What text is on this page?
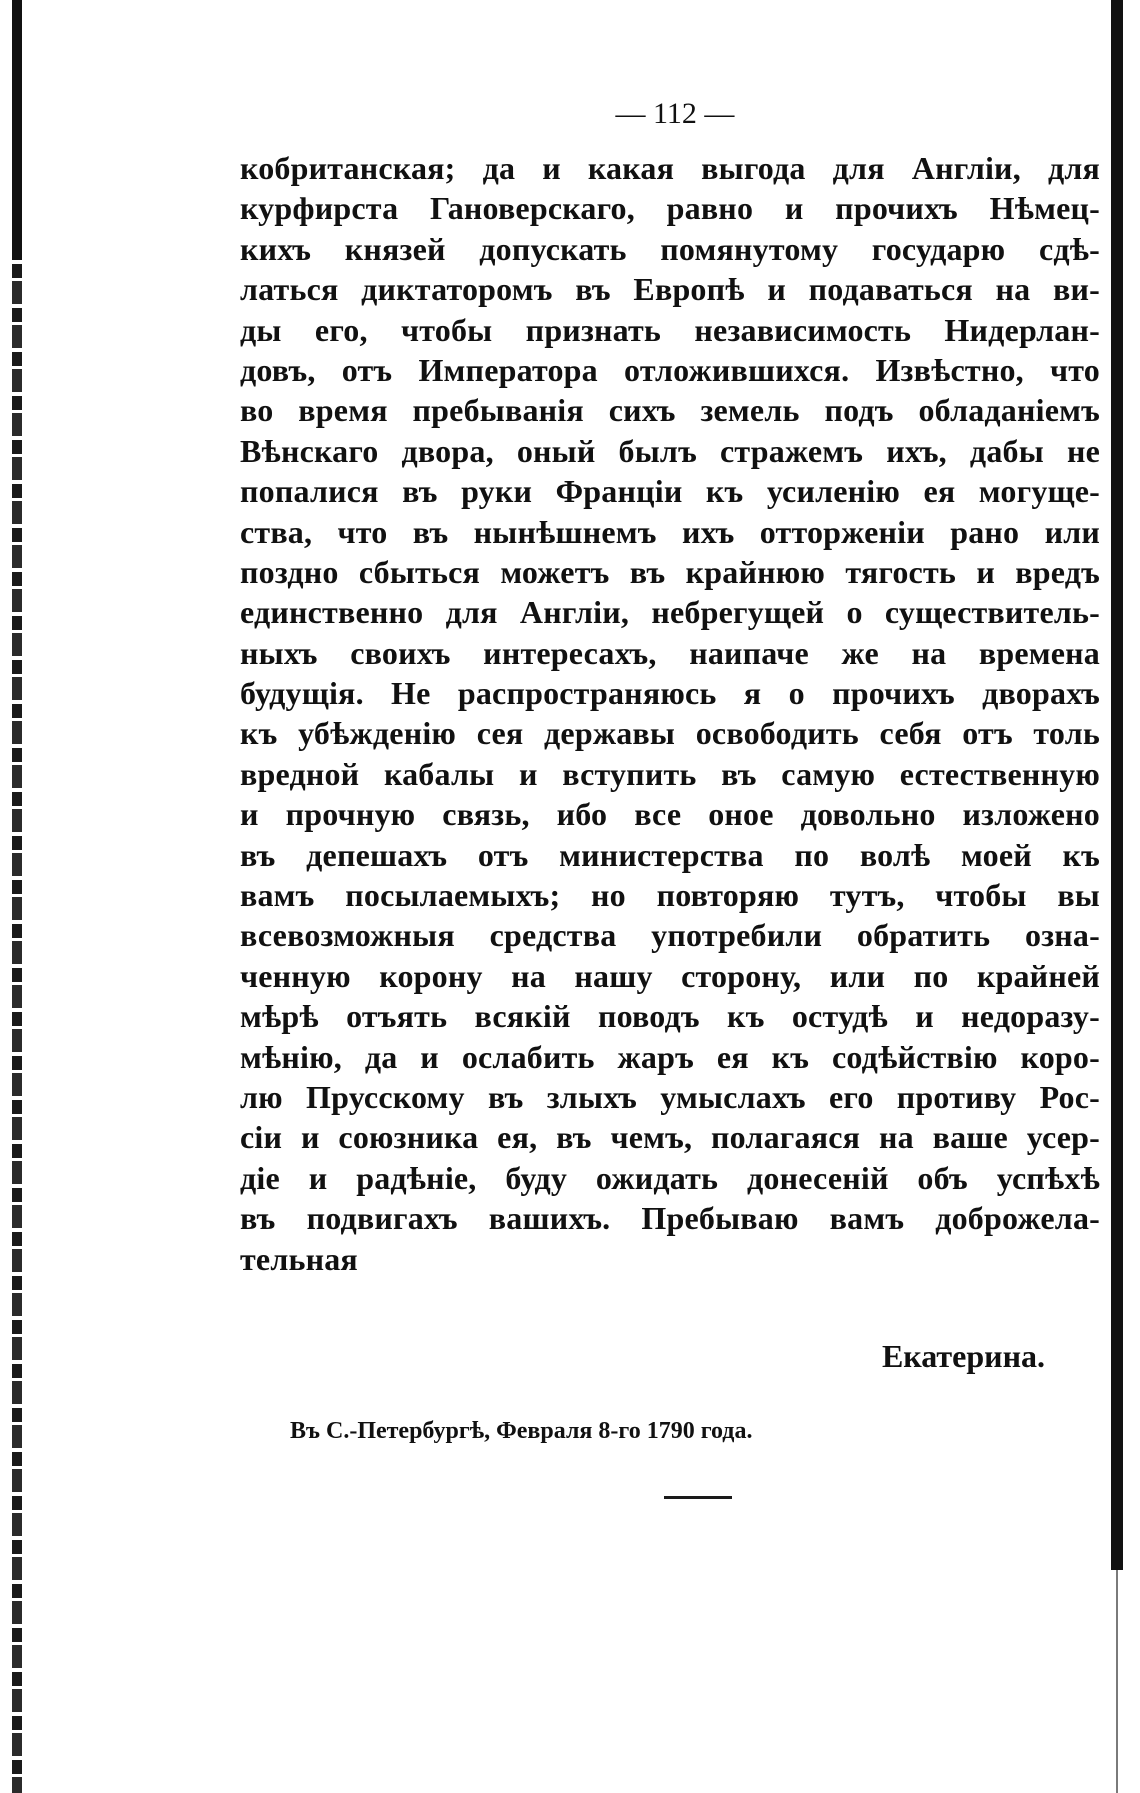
— 112 —
кобританская; да и какая выгода для Англіи, для
курфирста Гановерскаго, равно и прочихъ Нѣмец-
кихъ князей допускать помянутому государю сдѣ-
латься диктаторомъ въ Европѣ и подаваться на ви-
ды его, чтобы признать независимость Нидерлан-
довъ, отъ Императора отложившихся. Извѣстно, что
во время пребыванія сихъ земель подъ обладаніемъ
Вѣнскаго двора, оный былъ стражемъ ихъ, дабы не
попалися въ руки Франціи къ усиленію ея могуще-
ства, что въ нынѣшнемъ ихъ отторженіи рано или
поздно сбыться можетъ въ крайнюю тягость и вредъ
единственно для Англіи, небрегущей о существитель-
ныхъ своихъ интересахъ, наипаче же на времена
будущія. Не распространяюсь я о прочихъ дворахъ
къ убѣжденію сея державы освободить себя отъ толь
вредной кабалы и вступить въ самую естественную
и прочную связь, ибо все оное довольно изложено
въ депешахъ отъ министерства по волѣ моей къ
вамъ посылаемыхъ; но повторяю тутъ, чтобы вы
всевозможныя средства употребили обратить озна-
ченную корону на нашу сторону, или по крайней
мѣрѣ отъять всякій поводъ къ остудѣ и недоразу-
мѣнію, да и ослабить жаръ ея къ содѣйствію коро-
лю Прусскому въ злыхъ умыслахъ его противу Рос-
сіи и союзника ея, въ чемъ, полагаяся на ваше усер-
діе и радѣніе, буду ожидать донесеній объ успѣхѣ
въ подвигахъ вашихъ. Пребываю вамъ доброжела-
тельная
Екатерина.
Въ С.-Петербургѣ, Февраля 8-го 1790 года.
